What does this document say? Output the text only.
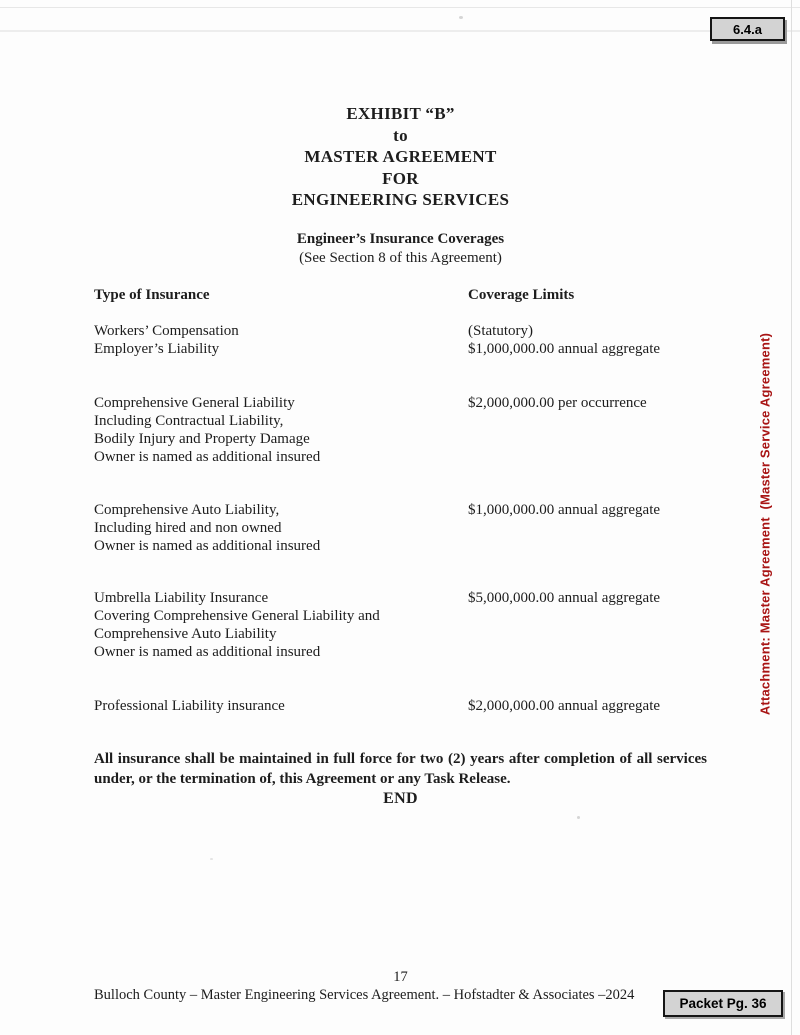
6.4.a
EXHIBIT “B”
to
MASTER AGREEMENT
FOR
ENGINEERING SERVICES
Engineer’s Insurance Coverages
(See Section 8 of this Agreement)
Type of Insurance	Coverage Limits
Workers’ Compensation
Employer’s Liability
(Statutory)
$1,000,000.00 annual aggregate
Comprehensive General Liability
Including Contractual Liability,
Bodily Injury and Property Damage
Owner is named as additional insured
$2,000,000.00 per occurrence
Comprehensive Auto Liability,
Including hired and non owned
Owner is named as additional insured
$1,000,000.00 annual aggregate
Umbrella Liability Insurance
Covering Comprehensive General Liability and
Comprehensive Auto Liability
Owner is named as additional insured
$5,000,000.00 annual aggregate
Professional Liability insurance	$2,000,000.00 annual aggregate

All insurance shall be maintained in full force for two (2) years after completion of all services under, or the termination of, this Agreement or any Task Release.

END
17
Bulloch County – Master Engineering Services Agreement. – Hofstadter & Associates –2024
Packet Pg. 36
Attachment: Master Agreement  (Master Service Agreement)
